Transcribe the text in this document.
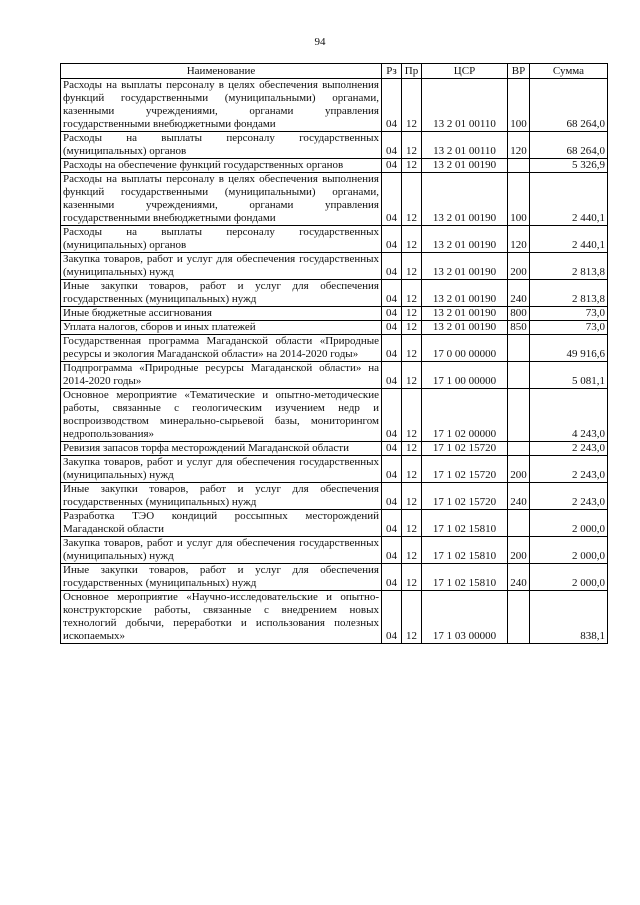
94
Наименование	Рз	Пр	ЦСР	ВР	Сумма
Расходы на выплаты персоналу в целях обеспечения выполнения функций государственными (муниципальными) органами, казенными учреждениями, органами управления государственными внебюджетными фондами	04	12	13 2 01 00110	100	68 264,0
Расходы на выплаты персоналу государственных (муниципальных) органов	04	12	13 2 01 00110	120	68 264,0
Расходы на обеспечение функций государственных органов	04	12	13 2 01 00190		5 326,9
Расходы на выплаты персоналу в целях обеспечения выполнения функций государственными (муниципальными) органами, казенными учреждениями, органами управления государственными внебюджетными фондами	04	12	13 2 01 00190	100	2 440,1
Расходы на выплаты персоналу государственных (муниципальных) органов	04	12	13 2 01 00190	120	2 440,1
Закупка товаров, работ и услуг для обеспечения государственных (муниципальных) нужд	04	12	13 2 01 00190	200	2 813,8
Иные закупки товаров, работ и услуг для обеспечения государственных (муниципальных) нужд	04	12	13 2 01 00190	240	2 813,8
Иные бюджетные ассигнования	04	12	13 2 01 00190	800	73,0
Уплата налогов, сборов и иных платежей	04	12	13 2 01 00190	850	73,0
Государственная программа Магаданской области «Природные ресурсы и экология Магаданской области» на 2014-2020 годы»	04	12	17 0 00 00000		49 916,6
Подпрограмма «Природные ресурсы Магаданской области» на 2014-2020 годы»	04	12	17 1 00 00000		5 081,1
Основное мероприятие «Тематические и опытно-методические работы, связанные с геологическим изучением недр и воспроизводством минерально-сырьевой базы, мониторингом недропользования»	04	12	17 1 02 00000		4 243,0
Ревизия запасов торфа месторождений Магаданской области	04	12	17 1 02 15720		2 243,0
Закупка товаров, работ и услуг для обеспечения государственных (муниципальных) нужд	04	12	17 1 02 15720	200	2 243,0
Иные закупки товаров, работ и услуг для обеспечения государственных (муниципальных) нужд	04	12	17 1 02 15720	240	2 243,0
Разработка ТЭО кондиций россыпных месторождений Магаданской области	04	12	17 1 02 15810		2 000,0
Закупка товаров, работ и услуг для обеспечения государственных (муниципальных) нужд	04	12	17 1 02 15810	200	2 000,0
Иные закупки товаров, работ и услуг для обеспечения государственных (муниципальных) нужд	04	12	17 1 02 15810	240	2 000,0
Основное мероприятие «Научно-исследовательские и опытно-конструкторские работы, связанные с внедрением новых технологий добычи, переработки и использования полезных ископаемых»	04	12	17 1 03 00000		838,1
